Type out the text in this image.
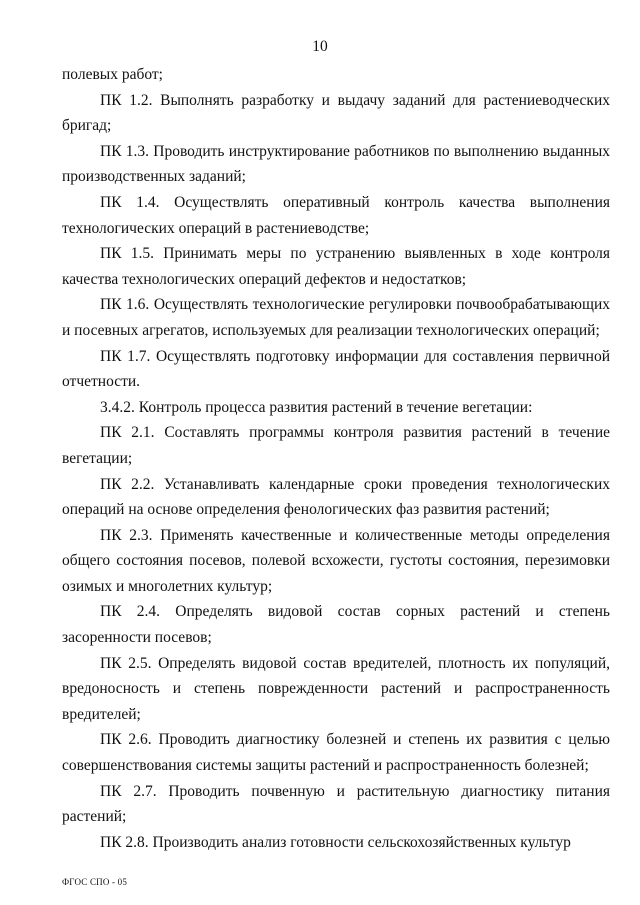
10

полевых работ;

ПК 1.2. Выполнять разработку и выдачу заданий для растениеводческих бригад;

ПК 1.3. Проводить инструктирование работников по выполнению выданных производственных заданий;

ПК 1.4. Осуществлять оперативный контроль качества выполнения технологических операций в растениеводстве;

ПК 1.5. Принимать меры по устранению выявленных в ходе контроля качества технологических операций дефектов и недостатков;

ПК 1.6. Осуществлять технологические регулировки почвообрабатывающих и посевных агрегатов, используемых для реализации технологических операций;

ПК 1.7. Осуществлять подготовку информации для составления первичной отчетности.

3.4.2. Контроль процесса развития растений в течение вегетации:

ПК 2.1. Составлять программы контроля развития растений в течение вегетации;

ПК 2.2. Устанавливать календарные сроки проведения технологических операций на основе определения фенологических фаз развития растений;

ПК 2.3. Применять качественные и количественные методы определения общего состояния посевов, полевой всхожести, густоты состояния, перезимовки озимых и многолетних культур;

ПК 2.4. Определять видовой состав сорных растений и степень засоренности посевов;

ПК 2.5. Определять видовой состав вредителей, плотность их популяций, вредоносность и степень поврежденности растений и распространенность вредителей;

ПК 2.6. Проводить диагностику болезней и степень их развития с целью совершенствования системы защиты растений и распространенность болезней;

ПК 2.7. Проводить почвенную и растительную диагностику питания растений;

ПК 2.8. Производить анализ готовности сельскохозяйственных культур

ФГОС СПО - 05
